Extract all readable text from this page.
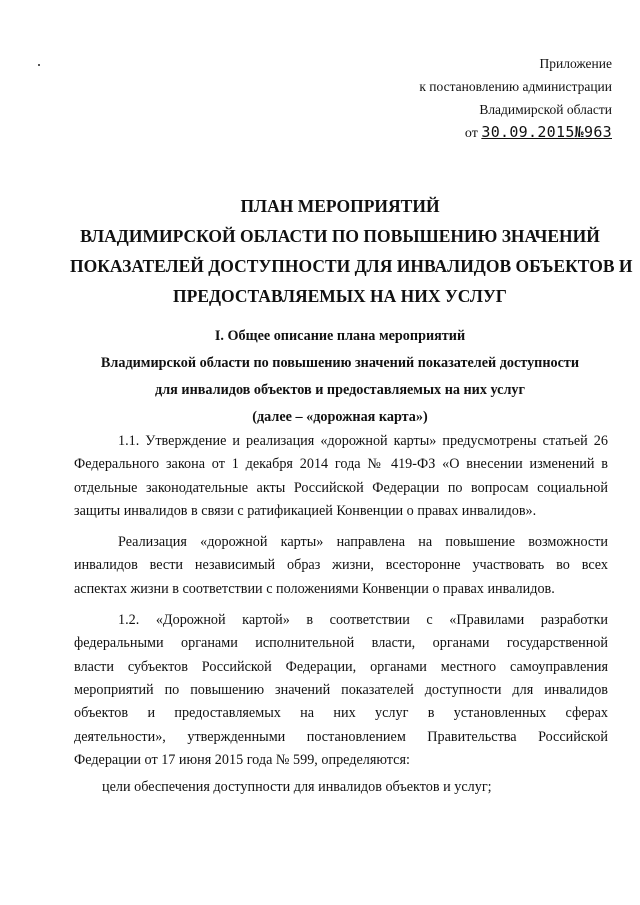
Приложение
к постановлению администрации
Владимирской области
от 30.09.2015№963
ПЛАН МЕРОПРИЯТИЙ
ВЛАДИМИРСКОЙ ОБЛАСТИ ПО ПОВЫШЕНИЮ ЗНАЧЕНИЙ
ПОКАЗАТЕЛЕЙ ДОСТУПНОСТИ ДЛЯ ИНВАЛИДОВ ОБЪЕКТОВ И
ПРЕДОСТАВЛЯЕМЫХ НА НИХ УСЛУГ
I. Общее описание плана мероприятий
Владимирской области по повышению значений показателей доступности
для инвалидов объектов и предоставляемых на них услуг
(далее – «дорожная карта»)

1.1. Утверждение и реализация «дорожной карты» предусмотрены статьей 26
Федерального закона от 1 декабря 2014 года № 419-ФЗ «О внесении изменений в
отдельные законодательные акты Российской Федерации по вопросам социальной
защиты инвалидов в связи с ратификацией Конвенции о правах инвалидов».

Реализация «дорожной карты» направлена на повышение возможности
инвалидов вести независимый образ жизни, всесторонне участвовать во всех
аспектах жизни в соответствии с положениями Конвенции о правах инвалидов.

1.2. «Дорожной картой» в соответствии с «Правилами разработки
федеральными органами исполнительной власти, органами государственной
власти субъектов Российской Федерации, органами местного самоуправления
мероприятий по повышению значений показателей доступности для инвалидов
объектов и предоставляемых на них услуг в установленных сферах
деятельности», утвержденными постановлением Правительства Российской
Федерации от 17 июня 2015 года № 599, определяются:

цели обеспечения доступности для инвалидов объектов и услуг;
